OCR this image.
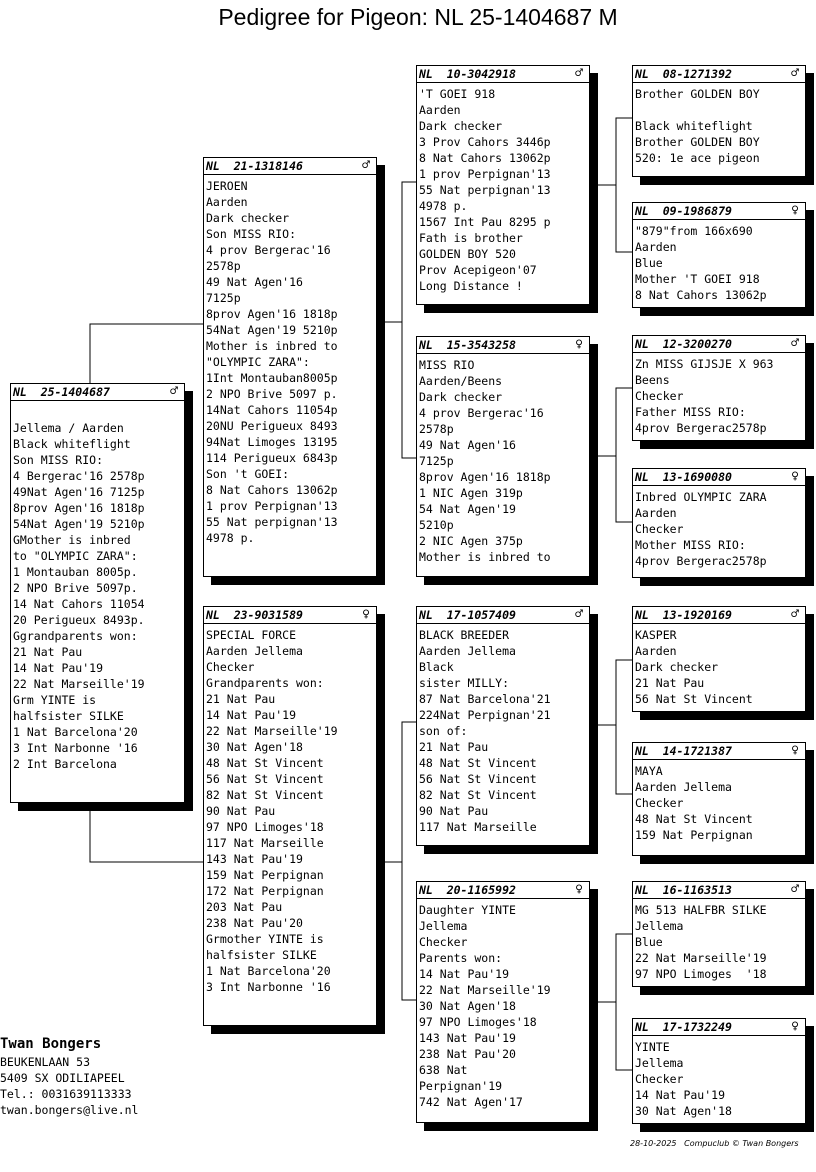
Pedigree for Pigeon: NL 25-1404687 M
NL  25-1404687	♂
Jellema / Aarden
Black whiteflight
Son MISS RIO:
4 Bergerac'16 2578p
49Nat Agen'16 7125p
8prov Agen'16 1818p
54Nat Agen'19 5210p
GMother is inbred
to "OLYMPIC ZARA":
1 Montauban 8005p.
2 NPO Brive 5097p.
14 Nat Cahors 11054
20 Perigueux 8493p.
Ggrandparents won:
21 Nat Pau
14 Nat Pau'19
22 Nat Marseille'19
Grm YINTE is
halfsister SILKE
1 Nat Barcelona'20
3 Int Narbonne '16
2 Int Barcelona
NL  21-1318146	♂
JEROEN
Aarden
Dark checker
Son MISS RIO:
4 prov Bergerac'16
2578p
49 Nat Agen'16
7125p
8prov Agen'16 1818p
54Nat Agen'19 5210p
Mother is inbred to
"OLYMPIC ZARA":
1Int Montauban8005p
2 NPO Brive 5097 p.
14Nat Cahors 11054p
20NU Perigueux 8493
94Nat Limoges 13195
114 Perigueux 6843p
Son 't GOEI:
8 Nat Cahors 13062p
1 prov Perpignan'13
55 Nat perpignan'13
4978 p.
NL  23-9031589	♀
SPECIAL FORCE
Aarden Jellema
Checker
Grandparents won:
21 Nat Pau
14 Nat Pau'19
22 Nat Marseille'19
30 Nat Agen'18
48 Nat St Vincent
56 Nat St Vincent
82 Nat St Vincent
90 Nat Pau
97 NPO Limoges'18
117 Nat Marseille
143 Nat Pau'19
159 Nat Perpignan
172 Nat Perpignan
203 Nat Pau
238 Nat Pau'20
Grmother YINTE is
halfsister SILKE
1 Nat Barcelona'20
3 Int Narbonne '16
NL  10-3042918	♂
'T GOEI 918
Aarden
Dark checker
3 Prov Cahors 3446p
8 Nat Cahors 13062p
1 prov Perpignan'13
55 Nat perpignan'13
4978 p.
1567 Int Pau 8295 p
Fath is brother
GOLDEN BOY 520
Prov Acepigeon'07
Long Distance !
NL  15-3543258	♀
MISS RIO
Aarden/Beens
Dark checker
4 prov Bergerac'16
2578p
49 Nat Agen'16
7125p
8prov Agen'16 1818p
1 NIC Agen 319p
54 Nat Agen'19
5210p
2 NIC Agen 375p
Mother is inbred to
NL  17-1057409	♂
BLACK BREEDER
Aarden Jellema
Black
sister MILLY:
87 Nat Barcelona'21
224Nat Perpignan'21
son of:
21 Nat Pau
48 Nat St Vincent
56 Nat St Vincent
82 Nat St Vincent
90 Nat Pau
117 Nat Marseille
NL  20-1165992	♀
Daughter YINTE
Jellema
Checker
Parents won:
14 Nat Pau'19
22 Nat Marseille'19
30 Nat Agen'18
97 NPO Limoges'18
143 Nat Pau'19
238 Nat Pau'20
638 Nat
Perpignan'19
742 Nat Agen'17
NL  08-1271392	♂
Brother GOLDEN BOY
Black whiteflight
Brother GOLDEN BOY
520: 1e ace pigeon
NL  09-1986879	♀
"879"from 166x690
Aarden
Blue
Mother 'T GOEI 918
8 Nat Cahors 13062p
NL  12-3200270	♂
Zn MISS GIJSJE X 963
Beens
Checker
Father MISS RIO:
4prov Bergerac2578p
NL  13-1690080	♀
Inbred OLYMPIC ZARA
Aarden
Checker
Mother MISS RIO:
4prov Bergerac2578p
NL  13-1920169	♂
KASPER
Aarden
Dark checker
21 Nat Pau
56 Nat St Vincent
NL  14-1721387	♀
MAYA
Aarden Jellema
Checker
48 Nat St Vincent
159 Nat Perpignan
NL  16-1163513	♂
MG 513 HALFBR SILKE
Jellema
Blue
22 Nat Marseille'19
97 NPO Limoges  '18
NL  17-1732249	♀
YINTE
Jellema
Checker
14 Nat Pau'19
30 Nat Agen'18
Twan Bongers
BEUKENLAAN 53
5409 SX ODILIAPEEL
Tel.: 0031639113333
twan.bongers@live.nl
28-10-2025   Compuclub © Twan Bongers
